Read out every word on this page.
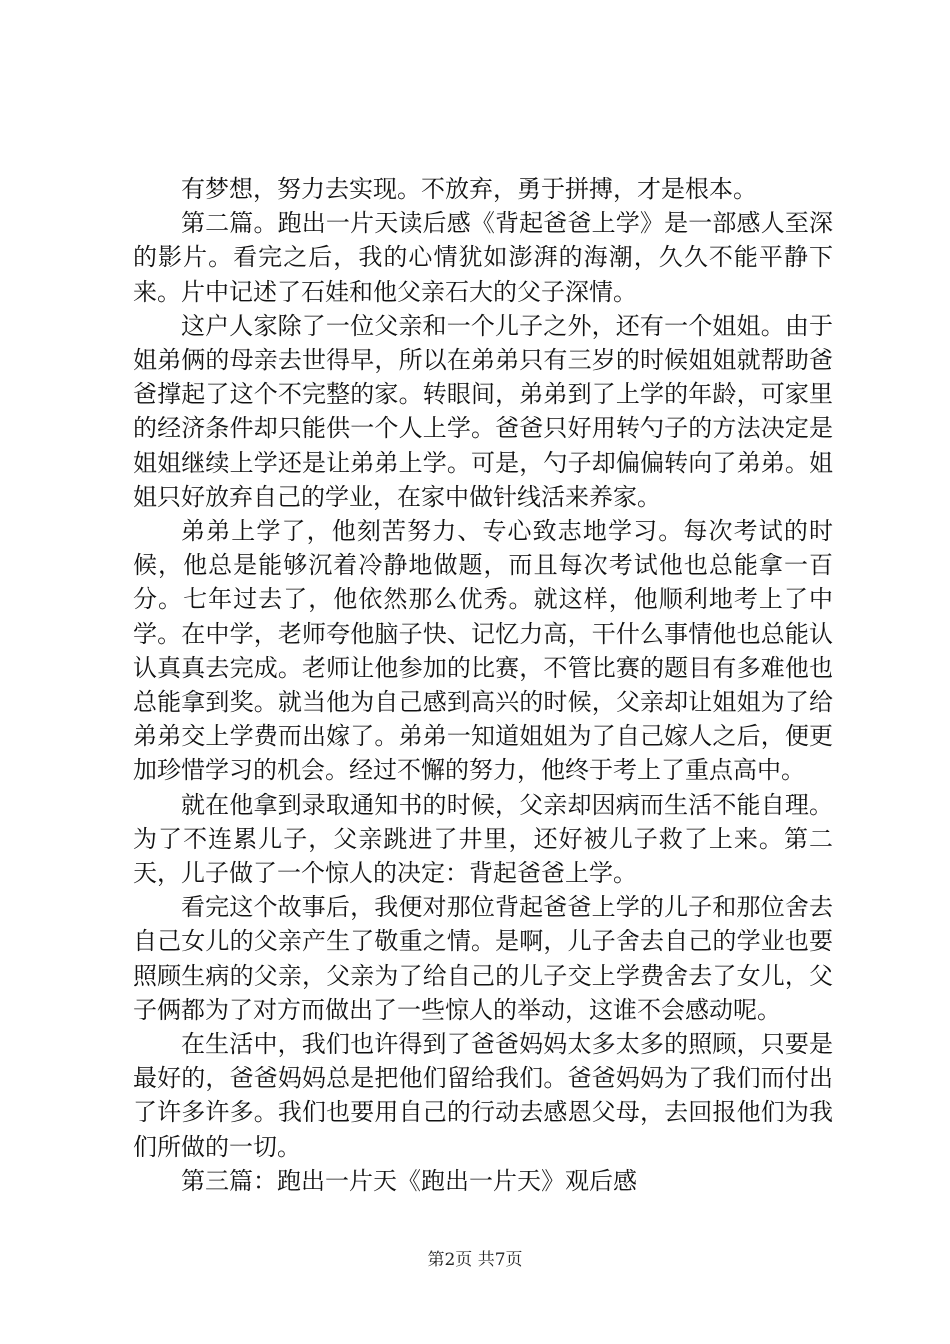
有梦想，努力去实现。不放弃，勇于拼搏，才是根本。

第二篇。跑出一片天读后感《背起爸爸上学》是一部感人至深的影片。看完之后，我的心情犹如澎湃的海潮，久久不能平静下来。片中记述了石娃和他父亲石大的父子深情。

这户人家除了一位父亲和一个儿子之外，还有一个姐姐。由于姐弟俩的母亲去世得早，所以在弟弟只有三岁的时候姐姐就帮助爸爸撑起了这个不完整的家。转眼间，弟弟到了上学的年龄，可家里的经济条件却只能供一个人上学。爸爸只好用转勺子的方法决定是姐姐继续上学还是让弟弟上学。可是，勺子却偏偏转向了弟弟。姐姐只好放弃自己的学业，在家中做针线活来养家。

弟弟上学了，他刻苦努力、专心致志地学习。每次考试的时候，他总是能够沉着冷静地做题，而且每次考试他也总能拿一百分。七年过去了，他依然那么优秀。就这样，他顺利地考上了中学。在中学，老师夸他脑子快、记忆力高，干什么事情他也总能认认真真去完成。老师让他参加的比赛，不管比赛的题目有多难他也总能拿到奖。就当他为自己感到高兴的时候，父亲却让姐姐为了给弟弟交上学费而出嫁了。弟弟一知道姐姐为了自己嫁人之后，便更加珍惜学习的机会。经过不懈的努力，他终于考上了重点高中。

就在他拿到录取通知书的时候，父亲却因病而生活不能自理。为了不连累儿子，父亲跳进了井里，还好被儿子救了上来。第二天，儿子做了一个惊人的决定：背起爸爸上学。

看完这个故事后，我便对那位背起爸爸上学的儿子和那位舍去自己女儿的父亲产生了敬重之情。是啊，儿子舍去自己的学业也要照顾生病的父亲，父亲为了给自己的儿子交上学费舍去了女儿，父子俩都为了对方而做出了一些惊人的举动，这谁不会感动呢。

在生活中，我们也许得到了爸爸妈妈太多太多的照顾，只要是最好的，爸爸妈妈总是把他们留给我们。爸爸妈妈为了我们而付出了许多许多。我们也要用自己的行动去感恩父母，去回报他们为我们所做的一切。

第三篇：跑出一片天《跑出一片天》观后感

第2页 共7页
